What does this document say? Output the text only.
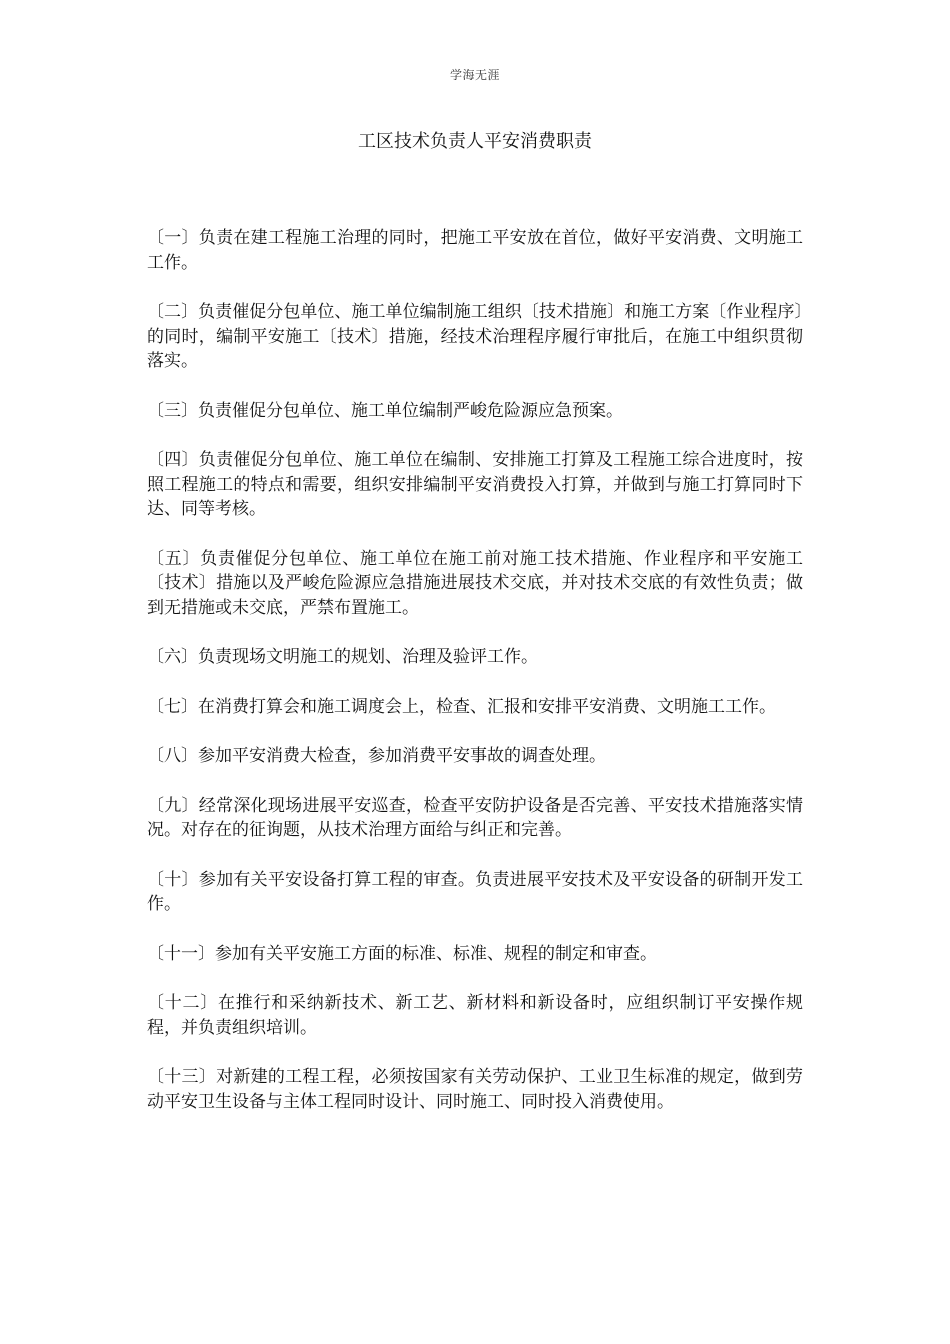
学海无涯
工区技术负责人平安消费职责

〔一〕负责在建工程施工治理的同时，把施工平安放在首位，做好平安消费、文明施工工作。

〔二〕负责催促分包单位、施工单位编制施工组织〔技术措施〕和施工方案〔作业程序〕的同时，编制平安施工〔技术〕措施，经技术治理程序履行审批后，在施工中组织贯彻落实。

〔三〕负责催促分包单位、施工单位编制严峻危险源应急预案。

〔四〕负责催促分包单位、施工单位在编制、安排施工打算及工程施工综合进度时，按照工程施工的特点和需要，组织安排编制平安消费投入打算，并做到与施工打算同时下达、同等考核。

〔五〕负责催促分包单位、施工单位在施工前对施工技术措施、作业程序和平安施工〔技术〕措施以及严峻危险源应急措施进展技术交底，并对技术交底的有效性负责；做到无措施或未交底，严禁布置施工。

〔六〕负责现场文明施工的规划、治理及验评工作。

〔七〕在消费打算会和施工调度会上，检查、汇报和安排平安消费、文明施工工作。

〔八〕参加平安消费大检查，参加消费平安事故的调查处理。

〔九〕经常深化现场进展平安巡查，检查平安防护设备是否完善、平安技术措施落实情况。对存在的征询题，从技术治理方面给与纠正和完善。

〔十〕参加有关平安设备打算工程的审查。负责进展平安技术及平安设备的研制开发工作。

〔十一〕参加有关平安施工方面的标准、标准、规程的制定和审查。

〔十二〕在推行和采纳新技术、新工艺、新材料和新设备时，应组织制订平安操作规程，并负责组织培训。

〔十三〕对新建的工程工程，必须按国家有关劳动保护、工业卫生标准的规定，做到劳动平安卫生设备与主体工程同时设计、同时施工、同时投入消费使用。
